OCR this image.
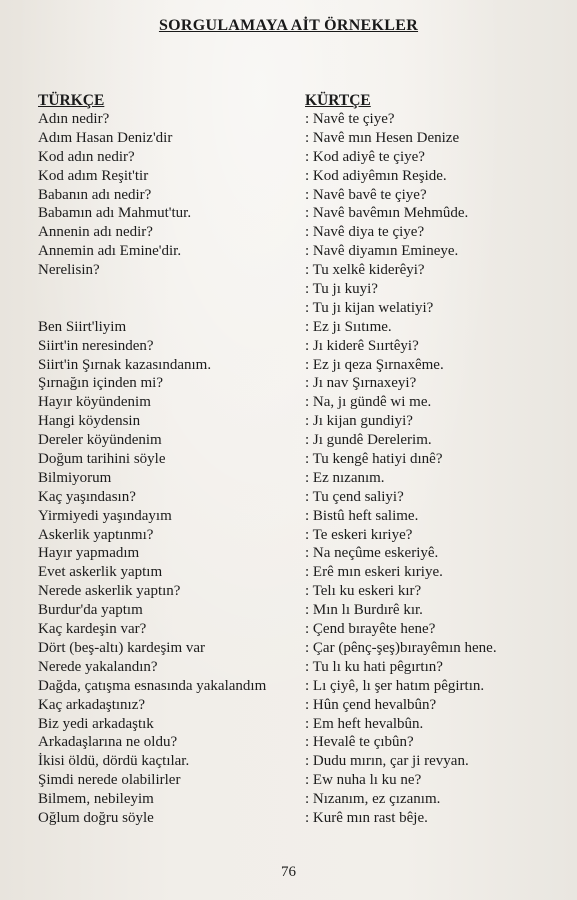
SORGULAMAYA AİT ÖRNEKLER
TÜRKÇE
Adın nedir?
Adım Hasan Deniz'dir
Kod adın nedir?
Kod adım Reşit'tir
Babanın adı nedir?
Babamın adı Mahmut'tur.
Annenin adı nedir?
Annemin adı Emine'dir.
Nerelisin?
Ben Siirt'liyim
Siirt'in neresinden?
Siirt'in Şırnak kazasındanım.
Şırnağın içinden mi?
Hayır köyündenim
Hangi köydensin
Dereler köyündenim
Doğum tarihini söyle
Bilmiyorum
Kaç yaşındasın?
Yirmiyedi yaşındayım
Askerlik yaptınmı?
Hayır yapmadım
Evet askerlik yaptım
Nerede askerlik yaptın?
Burdur'da yaptım
Kaç kardeşin var?
Dört (beş-altı) kardeşim var
Nerede yakalandın?
Dağda, çatışma esnasında yakalandım
Kaç arkadaştınız?
Biz yedi arkadaştık
Arkadaşlarına ne oldu?
İkisi öldü, dördü kaçtılar.
Şimdi nerede olabilirler
Bilmem, nebileyim
Oğlum doğru söyle
KÜRTÇE
: Navê te çiye?
: Navê mın Hesen Denize
: Kod adiyê te çiye?
: Kod adiyêmın Reşide.
: Navê bavê te çiye?
: Navê bavêmın Mehmûde.
: Navê diya te çiye?
: Navê diyamın Emineye.
: Tu xelkê kiderêyi?
: Tu jı kuyi?
: Tu jı kijan welatiyi?
: Ez jı Sııtıme.
: Jı kiderê Sıırtêyi?
: Ez jı qeza Şırnaxême.
: Jı nav Şırnaxeyi?
: Na, jı gündê wi me.
: Jı kijan gundiyi?
: Jı gundê Derelerim.
: Tu kengê hatiyi dınê?
: Ez nızanım.
: Tu çend saliyi?
: Bistû heft salime.
: Te eskeri kıriye?
: Na neçûme eskeriyê.
: Erê mın eskeri kıriye.
: Telı ku eskeri kır?
: Mın lı Burdırê kır.
: Çend bırayête hene?
: Çar (pênç-şeş)bırayêmın hene.
: Tu lı ku hati pêgırtın?
: Lı çiyê, lı şer hatım pêgirtın.
: Hûn çend hevalbûn?
: Em heft hevalbûn.
: Hevalê te çıbûn?
: Dudu mırın, çar ji revyan.
: Ew nuha lı ku ne?
: Nızanım, ez çızanım.
: Kurê mın rast bêje.
76
